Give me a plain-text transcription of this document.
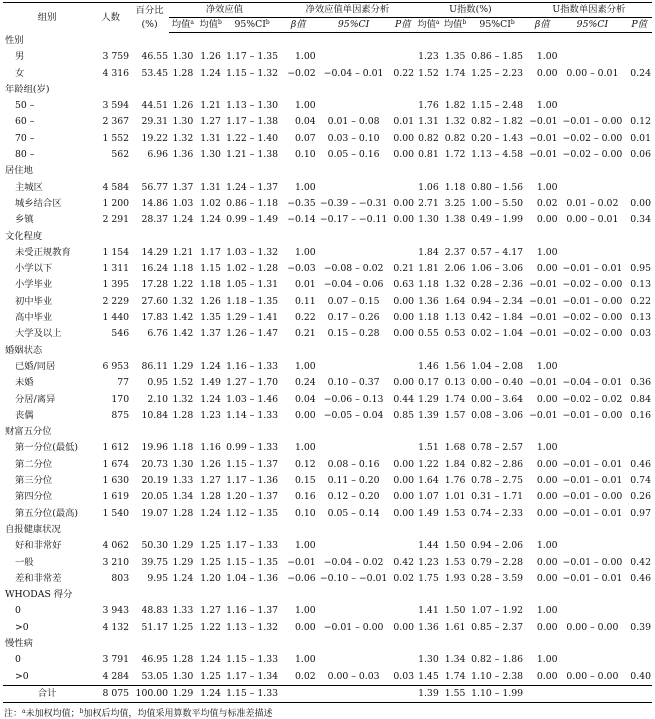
组别	人数	百分比
(%)	净效应值			净效应值单因素分析			U指数(%)			U指数单因素分析		
			均值$^a$	均值$^b$	$95\%CI^b$	β值	95%CI	P值	均值$^a$	均值$^b$	$95\%CI^b$	β值	95%CI	P值
性别														
男	3 759	46.55	1.30	1.26	1.17 – 1.35	1.00			1.23	1.35	0.86 – 1.85	1.00		
女	4 316	53.45	1.28	1.24	1.15 – 1.32	−0.02	−0.04 – 0.01	0.22	1.52	1.74	1.25 – 2.23	0.00	0.00 – 0.01	0.24
年龄组(岁)														
50 –	3 594	44.51	1.26	1.21	1.13 – 1.30	1.00			1.76	1.82	1.15 – 2.48	1.00		
60 –	2 367	29.31	1.30	1.27	1.17 – 1.38	0.04	0.01 – 0.08	0.01	1.31	1.32	0.82 – 1.82	−0.01	−0.01 – 0.00	0.12
70 –	1 552	19.22	1.32	1.31	1.22 – 1.40	0.07	0.03 – 0.10	0.00	0.82	0.82	0.20 – 1.43	−0.01	−0.02 – 0.00	0.01
80 –	562	6.96	1.36	1.30	1.21 – 1.38	0.10	0.05 – 0.16	0.00	0.81	1.72	1.13 – 4.58	−0.01	−0.02 – 0.00	0.06
居住地														
主城区	4 584	56.77	1.37	1.31	1.24 – 1.37	1.00			1.06	1.18	0.80 – 1.56	1.00		
城乡结合区	1 200	14.86	1.03	1.02	0.86 – 1.18	−0.35	−0.39 – −0.31	0.00	2.71	3.25	1.00 – 5.50	0.02	0.01 – 0.02	0.00
乡镇	2 291	28.37	1.24	1.24	0.99 – 1.49	−0.14	−0.17 – −0.11	0.00	1.30	1.38	0.49 – 1.99	0.00	0.00 – 0.01	0.34
文化程度														
未受正规教育	1 154	14.29	1.21	1.17	1.03 – 1.32	1.00			1.84	2.37	0.57 – 4.17	1.00		
小学以下	1 311	16.24	1.18	1.15	1.02 – 1.28	−0.03	−0.08 – 0.02	0.21	1.81	2.06	1.06 – 3.06	0.00	−0.01 – 0.01	0.95
小学毕业	1 395	17.28	1.22	1.18	1.05 – 1.31	0.01	−0.04 – 0.06	0.63	1.18	1.32	0.28 – 2.36	−0.01	−0.02 – 0.00	0.13
初中毕业	2 229	27.60	1.32	1.26	1.18 – 1.35	0.11	0.07 – 0.15	0.00	1.36	1.64	0.94 – 2.34	−0.01	−0.01 – 0.00	0.22
高中毕业	1 440	17.83	1.42	1.35	1.29 – 1.41	0.22	0.17 – 0.26	0.00	1.18	1.13	0.42 – 1.84	−0.01	−0.02 – 0.00	0.13
大学及以上	546	6.76	1.42	1.37	1.26 – 1.47	0.21	0.15 – 0.28	0.00	0.55	0.53	0.02 – 1.04	−0.01	−0.02 – 0.00	0.03
婚姻状态														
已婚/同居	6 953	86.11	1.29	1.24	1.16 – 1.33	1.00			1.46	1.56	1.04 – 2.08	1.00		
未婚	77	0.95	1.52	1.49	1.27 – 1.70	0.24	0.10 – 0.37	0.00	0.17	0.13	0.00 – 0.40	−0.01	−0.04 – 0.01	0.36
分居/离异	170	2.10	1.32	1.24	1.03 – 1.46	0.04	−0.06 – 0.13	0.44	1.29	1.74	0.00 – 3.64	0.00	−0.02 – 0.02	0.84
丧偶	875	10.84	1.28	1.23	1.14 – 1.33	0.00	−0.05 – 0.04	0.85	1.39	1.57	0.08 – 3.06	−0.01	−0.01 – 0.00	0.16
财富五分位														
第一分位(最低)	1 612	19.96	1.18	1.16	0.99 – 1.33	1.00			1.51	1.68	0.78 – 2.57	1.00		
第二分位	1 674	20.73	1.30	1.26	1.15 – 1.37	0.12	0.08 – 0.16	0.00	1.22	1.84	0.82 – 2.86	0.00	−0.01 – 0.01	0.46
第三分位	1 630	20.19	1.33	1.27	1.17 – 1.36	0.15	0.11 – 0.20	0.00	1.64	1.76	0.78 – 2.75	0.00	−0.01 – 0.01	0.74
第四分位	1 619	20.05	1.34	1.28	1.20 – 1.37	0.16	0.12 – 0.20	0.00	1.07	1.01	0.31 – 1.71	0.00	−0.01 – 0.00	0.26
第五分位(最高)	1 540	19.07	1.28	1.24	1.12 – 1.35	0.10	0.05 – 0.14	0.00	1.49	1.53	0.74 – 2.33	0.00	−0.01 – 0.01	0.97
自报健康状况														
好和非常好	4 062	50.30	1.29	1.25	1.17 – 1.33	1.00			1.44	1.50	0.94 – 2.06	1.00		
一般	3 210	39.75	1.29	1.25	1.15 – 1.35	−0.01	−0.04 – 0.02	0.42	1.23	1.53	0.79 – 2.28	0.00	−0.01 – 0.00	0.42
差和非常差	803	9.95	1.24	1.20	1.04 – 1.36	−0.06	−0.10 – −0.01	0.02	1.75	1.93	0.28 – 3.59	0.00	−0.01 – 0.01	0.46
WHODAS 得分														
0	3 943	48.83	1.33	1.27	1.16 – 1.37	1.00			1.41	1.50	1.07 – 1.92	1.00		
>0	4 132	51.17	1.25	1.22	1.13 – 1.32	0.00	−0.01 – 0.00	0.00	1.36	1.61	0.85 – 2.37	0.00	0.00 – 0.00	0.39
慢性病														
0	3 791	46.95	1.28	1.24	1.15 – 1.33	1.00			1.30	1.34	0.82 – 1.86	1.00		
>0	4 284	53.05	1.30	1.25	1.17 – 1.34	0.02	0.00 – 0.03	0.03	1.45	1.74	1.10 – 2.38	0.00	0.00 – 0.00	0.40
合计	8 075	100.00	1.29	1.24	1.15 – 1.33				1.39	1.55	1.10 – 1.99			
注：$^a$未加权均值；$^b$加权后均值，均值采用算数平均值与标准差描述
